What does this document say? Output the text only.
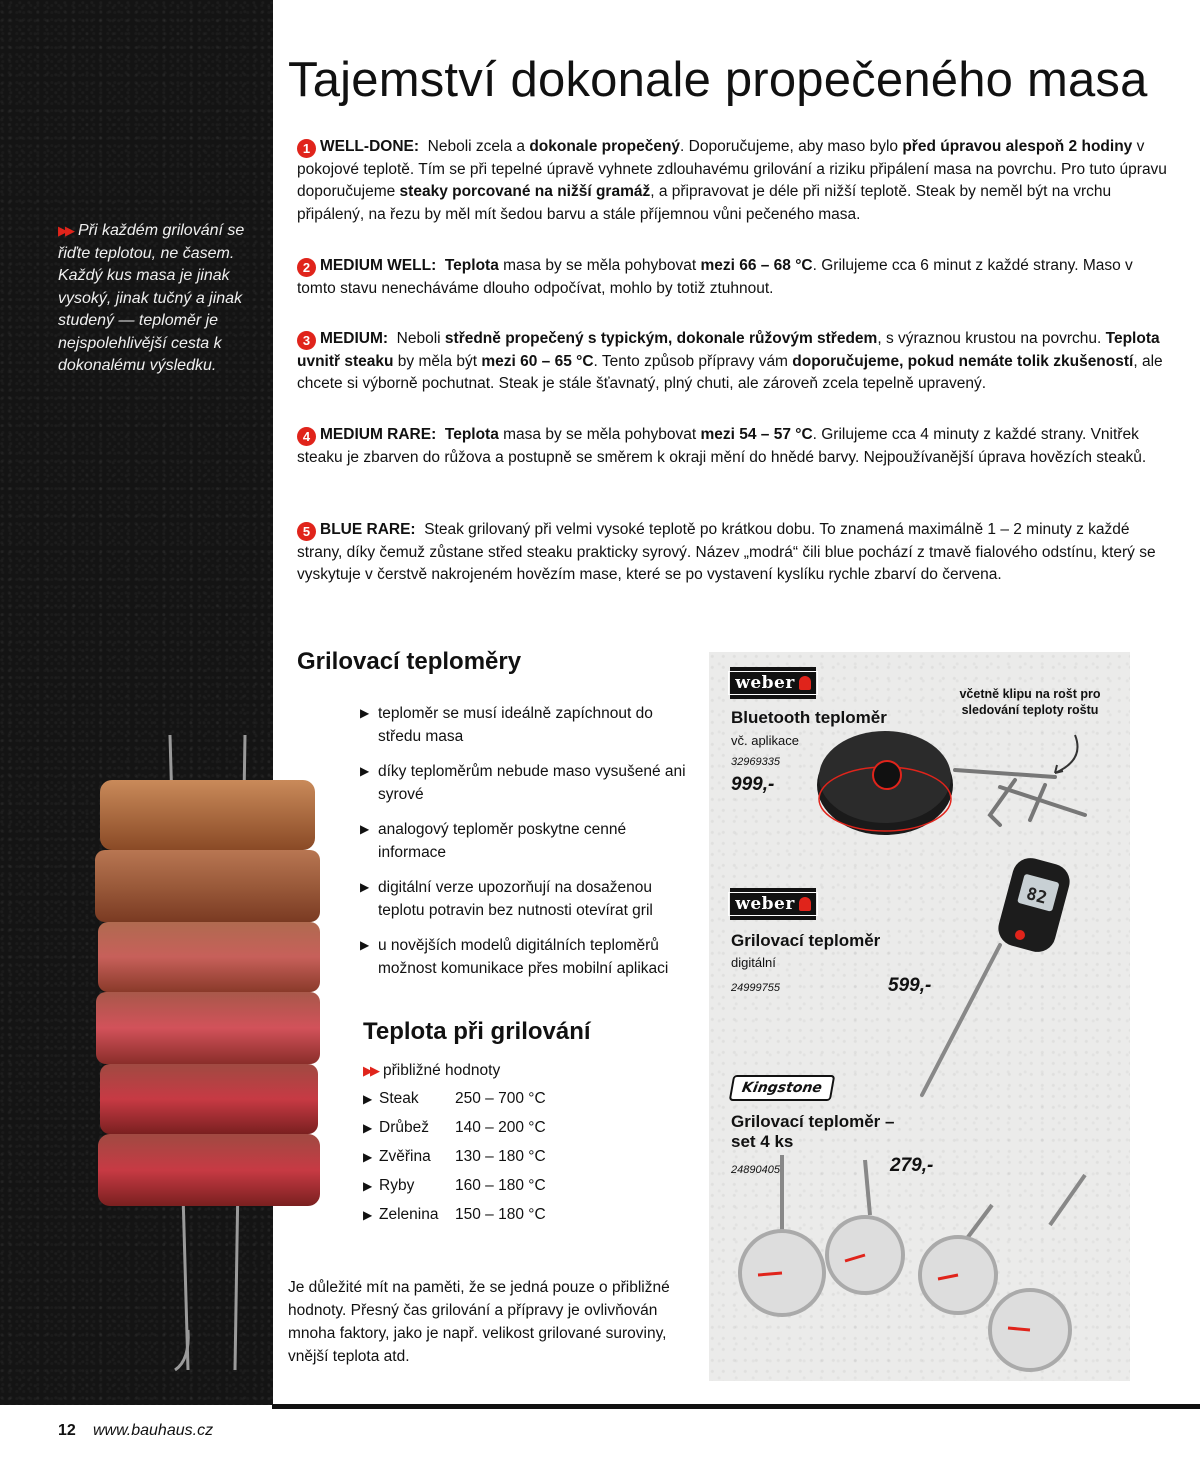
▶▶ Při každém grilování se řiďte teplotou, ne časem. Každý kus masa je jinak vysoký, jinak tučný a jinak studený — teploměr je nejspolehlivější cesta k dokonalému výsledku.

Tajemství dokonale propečeného masa

1 WELL-DONE: Neboli zcela a dokonale propečený. Doporučujeme, aby maso bylo před úpravou alespoň 2 hodiny v pokojové teplotě. Tím se při tepelné úpravě vyhnete zdlouhavému grilování a riziku připálení masa na povrchu. Pro tuto úpravu doporučujeme steaky porcované na nižší gramáž, a připravovat je déle při nižší teplotě. Steak by neměl být na vrchu připálený, na řezu by měl mít šedou barvu a stále příjemnou vůni pečeného masa.

2 MEDIUM WELL: Teplota masa by se měla pohybovat mezi 66 – 68 °C. Grilujeme cca 6 minut z každé strany. Maso v tomto stavu nenecháváme dlouho odpočívat, mohlo by totiž ztuhnout.

3 MEDIUM: Neboli středně propečený s typickým, dokonale růžovým středem, s výraznou krustou na povrchu. Teplota uvnitř steaku by měla být mezi 60 – 65 °C. Tento způsob přípravy vám doporučujeme, pokud nemáte tolik zkušeností, ale chcete si výborně pochutnat. Steak je stále šťavnatý, plný chuti, ale zároveň zcela tepelně upravený.

4 MEDIUM RARE: Teplota masa by se měla pohybovat mezi 54 – 57 °C. Grilujeme cca 4 minuty z každé strany. Vnitřek steaku je zbarven do růžova a postupně se směrem k okraji mění do hnědé barvy. Nejpoužívanější úprava hovězích steaků.

5 BLUE RARE: Steak grilovaný při velmi vysoké teplotě po krátkou dobu. To znamená maximálně 1 – 2 minuty z každé strany, díky čemuž zůstane střed steaku prakticky syrový. Název „modrá“ čili blue pochází z tmavě fialového odstínu, který se vyskytuje v čerstvě nakrojeném hovězím mase, které se po vystavení kyslíku rychle zbarví do červena.

Grilovací teploměry
▶ teploměr se musí ideálně zapíchnout do středu masa
▶ díky teploměrům nebude maso vysušené ani syrové
▶ analogový teploměr poskytne cenné informace
▶ digitální verze upozorňují na dosaženou teplotu potravin bez nutnosti otevírat gril
▶ u novějších modelů digitálních teploměrů možnost komunikace přes mobilní aplikaci
Teplota při grilování
▶▶ přibližné hodnoty
▶ Steak 250 – 700 °C
▶ Drůbež 140 – 200 °C
▶ Zvěřina 130 – 180 °C
▶ Ryby	160 – 180 °C
▶ Zelenina 150 – 180 °C

Je důležité mít na paměti, že se jedná pouze o přibližné hodnoty. Přesný čas grilování a přípravy je ovlivňován mnoha faktory, jako je např. velikost grilované suroviny, vnější teplota atd.

weber
Bluetooth teploměr
vč. aplikace
32969335
999,-
včetně klipu na rošt pro sledování teploty roštu
weber
Grilovací teploměr
digitální
24999755	599,-
82
Kingstone
Grilovací teploměr – set 4 ks
24890405	279,-
12 www.bauhaus.cz
